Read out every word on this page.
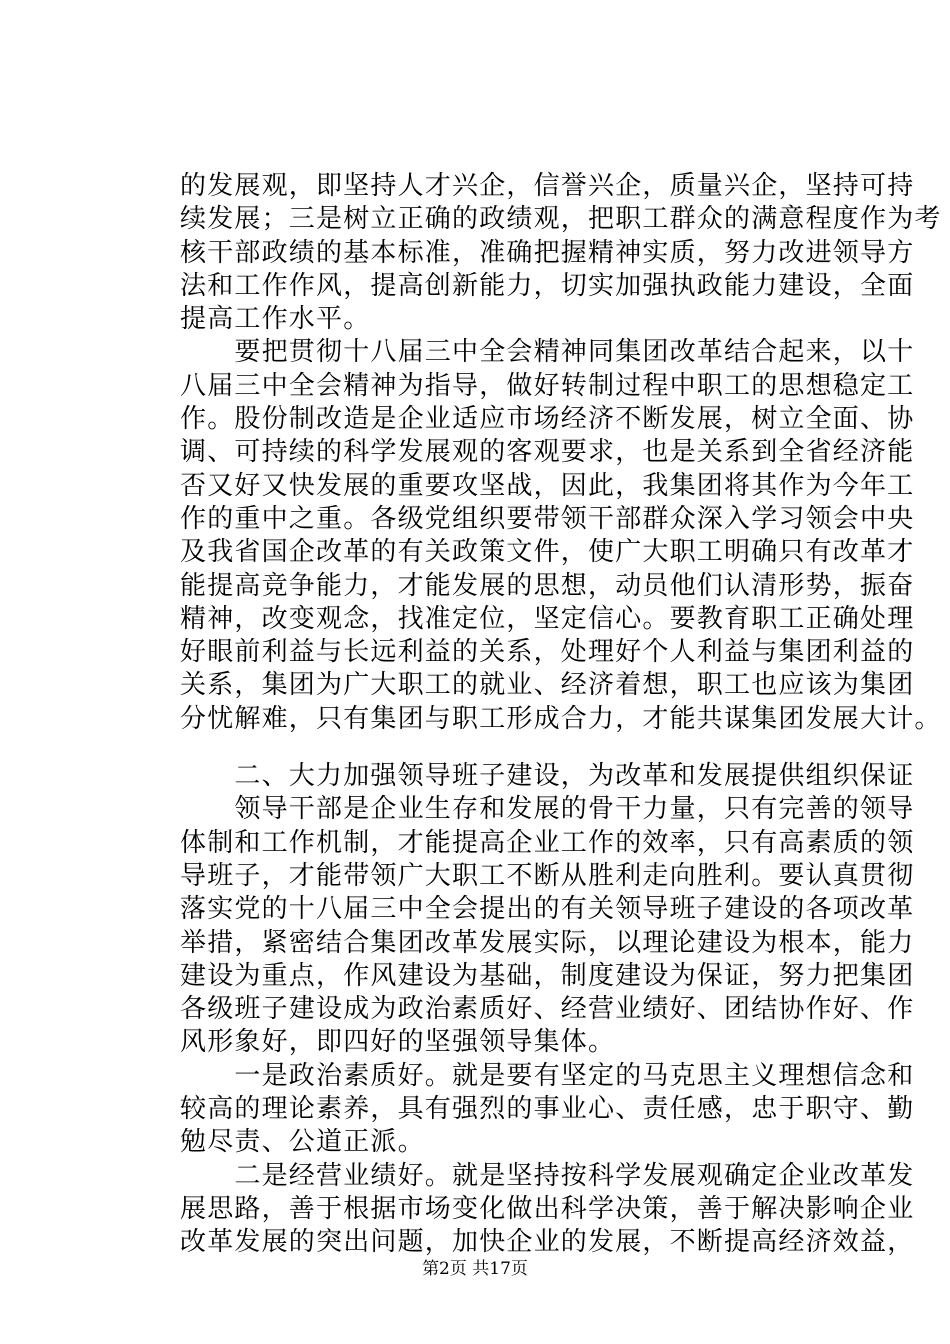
的发展观，即坚持人才兴企，信誉兴企，质量兴企，坚持可持
续发展；三是树立正确的政绩观，把职工群众的满意程度作为考
核干部政绩的基本标准，准确把握精神实质，努力改进领导方
法和工作作风，提高创新能力，切实加强执政能力建设，全面
提高工作水平。
　　要把贯彻十八届三中全会精神同集团改革结合起来，以十
八届三中全会精神为指导，做好转制过程中职工的思想稳定工
作。股份制改造是企业适应市场经济不断发展，树立全面、协
调、可持续的科学发展观的客观要求，也是关系到全省经济能
否又好又快发展的重要攻坚战，因此，我集团将其作为今年工
作的重中之重。各级党组织要带领干部群众深入学习领会中央
及我省国企改革的有关政策文件，使广大职工明确只有改革才
能提高竞争能力，才能发展的思想，动员他们认清形势，振奋
精神，改变观念，找准定位，坚定信心。要教育职工正确处理
好眼前利益与长远利益的关系，处理好个人利益与集团利益的
关系，集团为广大职工的就业、经济着想，职工也应该为集团
分忧解难，只有集团与职工形成合力，才能共谋集团发展大计。
　　二、大力加强领导班子建设，为改革和发展提供组织保证
　　领导干部是企业生存和发展的骨干力量，只有完善的领导
体制和工作机制，才能提高企业工作的效率，只有高素质的领
导班子，才能带领广大职工不断从胜利走向胜利。要认真贯彻
落实党的十八届三中全会提出的有关领导班子建设的各项改革
举措，紧密结合集团改革发展实际，以理论建设为根本，能力
建设为重点，作风建设为基础，制度建设为保证，努力把集团
各级班子建设成为政治素质好、经营业绩好、团结协作好、作
风形象好，即四好的坚强领导集体。
　　一是政治素质好。就是要有坚定的马克思主义理想信念和
较高的理论素养，具有强烈的事业心、责任感，忠于职守、勤
勉尽责、公道正派。
　　二是经营业绩好。就是坚持按科学发展观确定企业改革发
展思路，善于根据市场变化做出科学决策，善于解决影响企业
改革发展的突出问题，加快企业的发展，不断提高经济效益，
第2页 共17页
